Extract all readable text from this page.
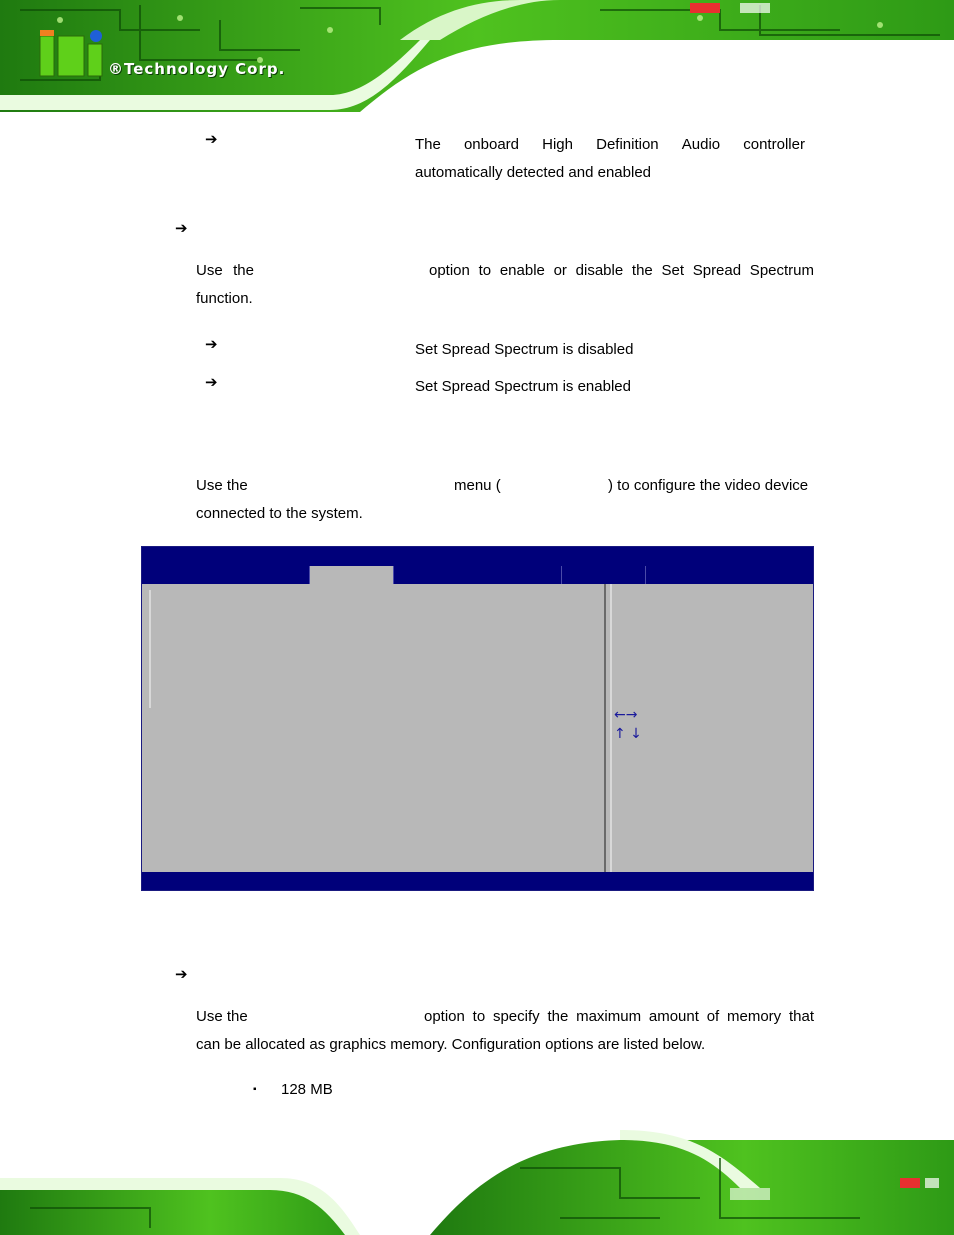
®Technology Corp.
➔	The onboard High Definition Audio controller
automatically detected and enabled
➔
Use the	option to enable or disable the Set Spread Spectrum
function.
➔	Set Spread Spectrum is disabled
➔	Set Spread Spectrum is enabled
Use the	menu (	) to configure the video device
connected to the system.
←→
↑ ↓
➔
Use the	option to specify the maximum amount of memory that
can be allocated as graphics memory. Configuration options are listed below.
▪ 128 MB
